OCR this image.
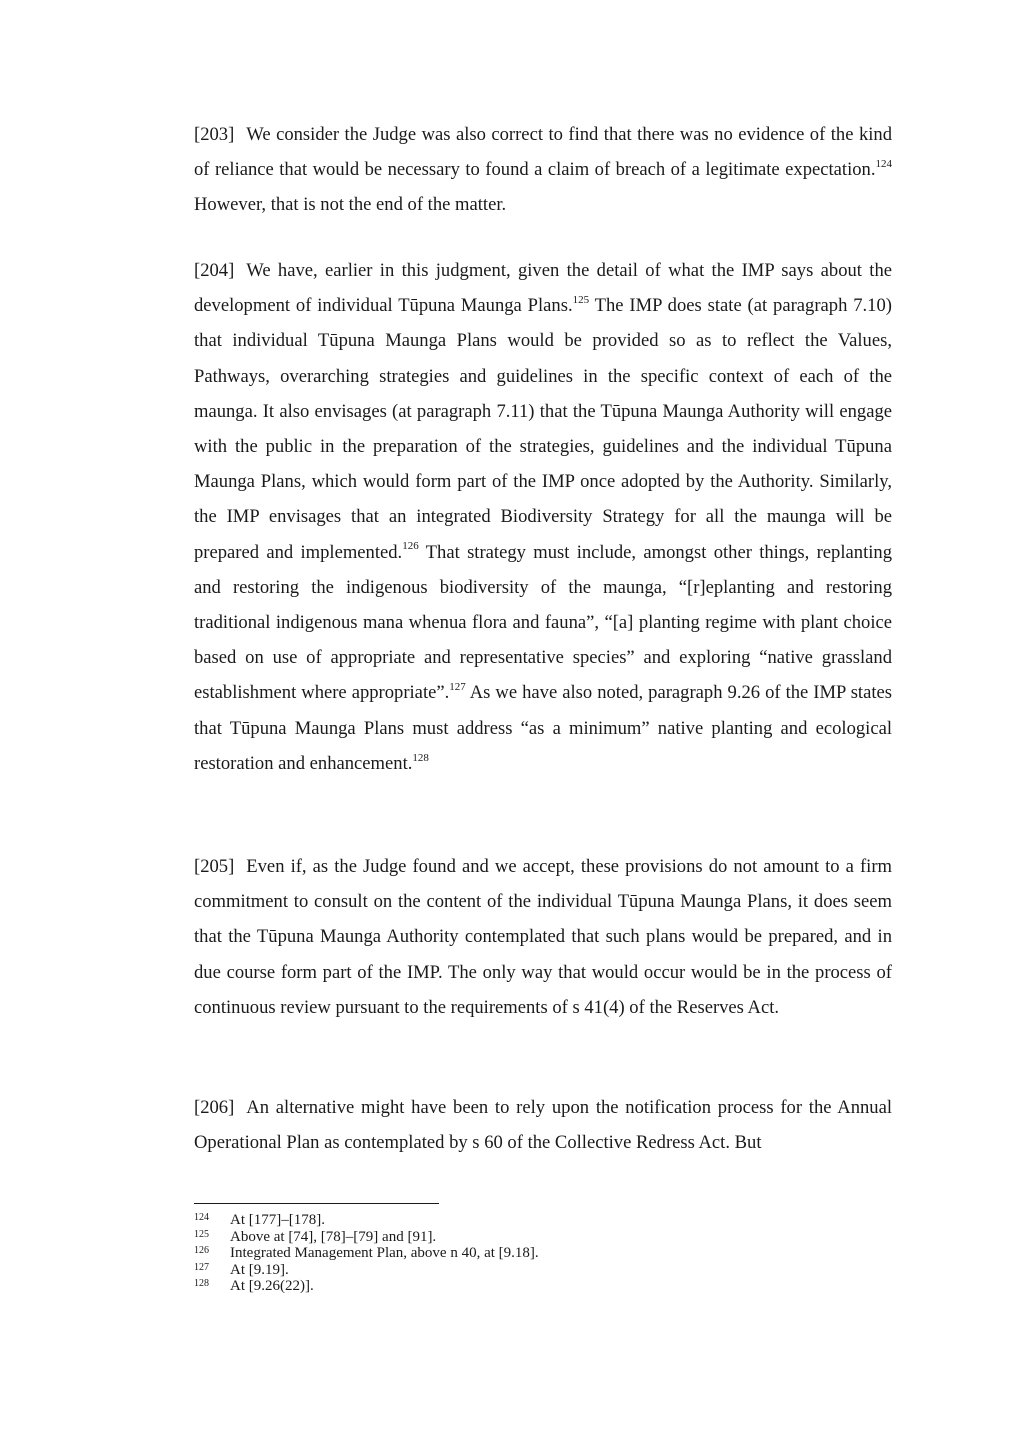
[203] We consider the Judge was also correct to find that there was no evidence of the kind of reliance that would be necessary to found a claim of breach of a legitimate expectation.$^{124}$ However, that is not the end of the matter.

[204] We have, earlier in this judgment, given the detail of what the IMP says about the development of individual Tūpuna Maunga Plans.$^{125}$ The IMP does state (at paragraph 7.10) that individual Tūpuna Maunga Plans would be provided so as to reflect the Values, Pathways, overarching strategies and guidelines in the specific context of each of the maunga. It also envisages (at paragraph 7.11) that the Tūpuna Maunga Authority will engage with the public in the preparation of the strategies, guidelines and the individual Tūpuna Maunga Plans, which would form part of the IMP once adopted by the Authority. Similarly, the IMP envisages that an integrated Biodiversity Strategy for all the maunga will be prepared and implemented.$^{126}$ That strategy must include, amongst other things, replanting and restoring the indigenous biodiversity of the maunga, “[r]eplanting and restoring traditional indigenous mana whenua flora and fauna”, “[a] planting regime with plant choice based on use of appropriate and representative species” and exploring “native grassland establishment where appropriate”.$^{127}$ As we have also noted, paragraph 9.26 of the IMP states that Tūpuna Maunga Plans must address “as a minimum” native planting and ecological restoration and enhancement.$^{128}$

[205] Even if, as the Judge found and we accept, these provisions do not amount to a firm commitment to consult on the content of the individual Tūpuna Maunga Plans, it does seem that the Tūpuna Maunga Authority contemplated that such plans would be prepared, and in due course form part of the IMP. The only way that would occur would be in the process of continuous review pursuant to the requirements of s 41(4) of the Reserves Act.

[206] An alternative might have been to rely upon the notification process for the Annual Operational Plan as contemplated by s 60 of the Collective Redress Act. But

124	At [177]–[178].
125	Above at [74], [78]–[79] and [91].
126	Integrated Management Plan, above n 40, at [9.18].
127	At [9.19].
128	At [9.26(22)].
